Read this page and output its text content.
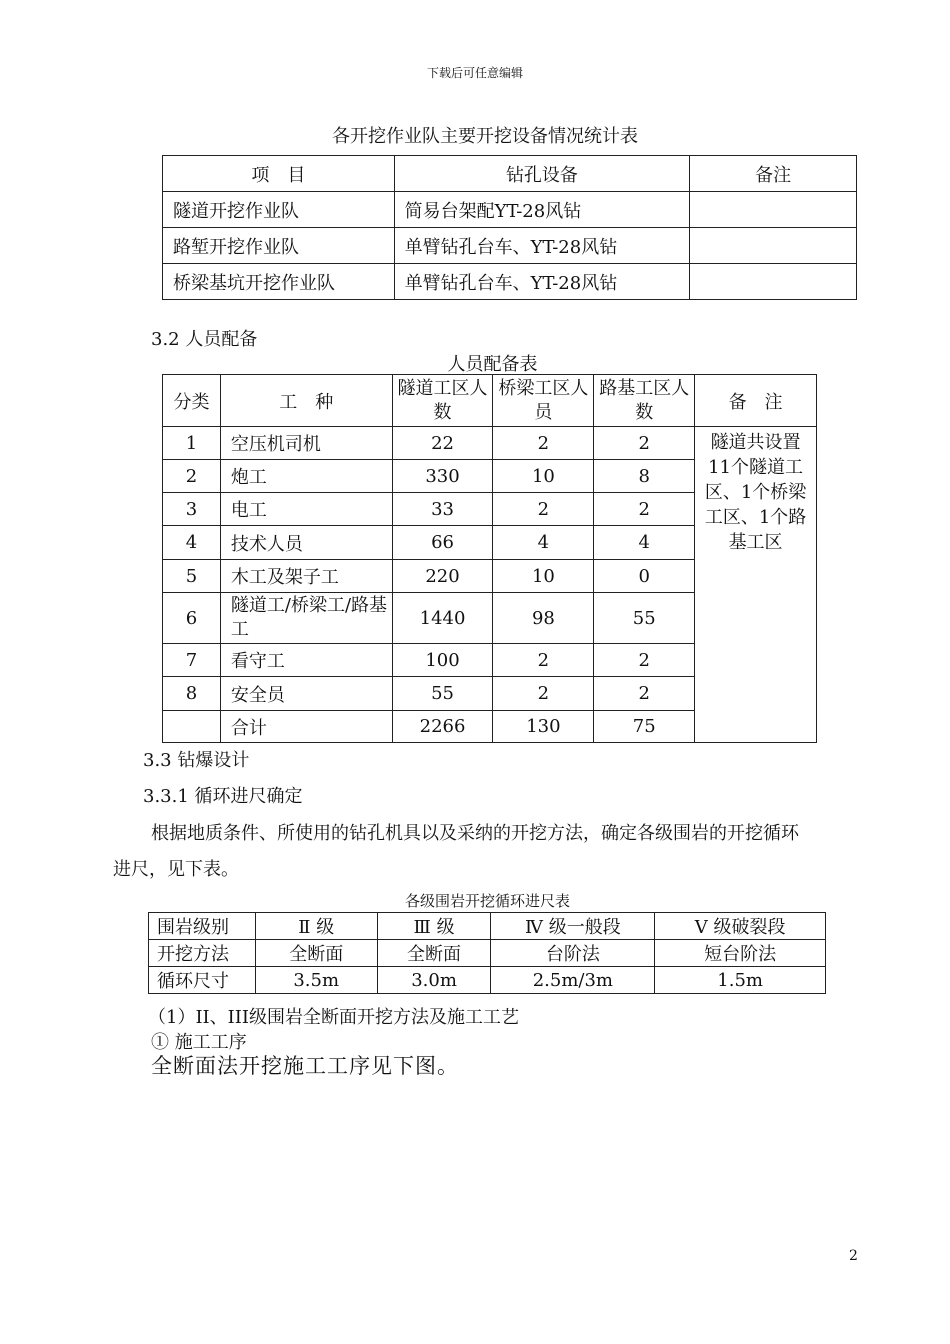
下载后可任意编辑
各开挖作业队主要开挖设备情况统计表
项　目	钻孔设备	备注
隧道开挖作业队	简易台架配YT-28风钻	
路堑开挖作业队	单臂钻孔台车、YT-28风钻	
桥梁基坑开挖作业队	单臂钻孔台车、YT-28风钻	
3.2 人员配备
人员配备表
分类	工　种	隧道工区人数	桥梁工区人员	路基工区人数	备　注
1	空压机司机	22	2	2	隧道共设置11个隧道工区、1个桥梁工区、1个路基工区
2	炮工	330	10	8	
3	电工	33	2	2	
4	技术人员	66	4	4	
5	木工及架子工	220	10	0	
6	隧道工/桥梁工/路基工	1440	98	55	
7	看守工	100	2	2	
8	安全员	55	2	2	
	合计	2266	130	75	
3.3 钻爆设计
3.3.1 循环进尺确定
根据地质条件、所使用的钻孔机具以及采纳的开挖方法，确定各级围岩的开挖循环
进尺，见下表。
各级围岩开挖循环进尺表
围岩级别	Ⅱ 级	Ⅲ 级	Ⅳ 级一般段	Ⅴ 级破裂段
开挖方法	全断面	全断面	台阶法	短台阶法
循环尺寸	3.5m	3.0m	2.5m/3m	1.5m
（1）II、III级围岩全断面开挖方法及施工工艺
① 施工工序
全断面法开挖施工工序见下图。
2
